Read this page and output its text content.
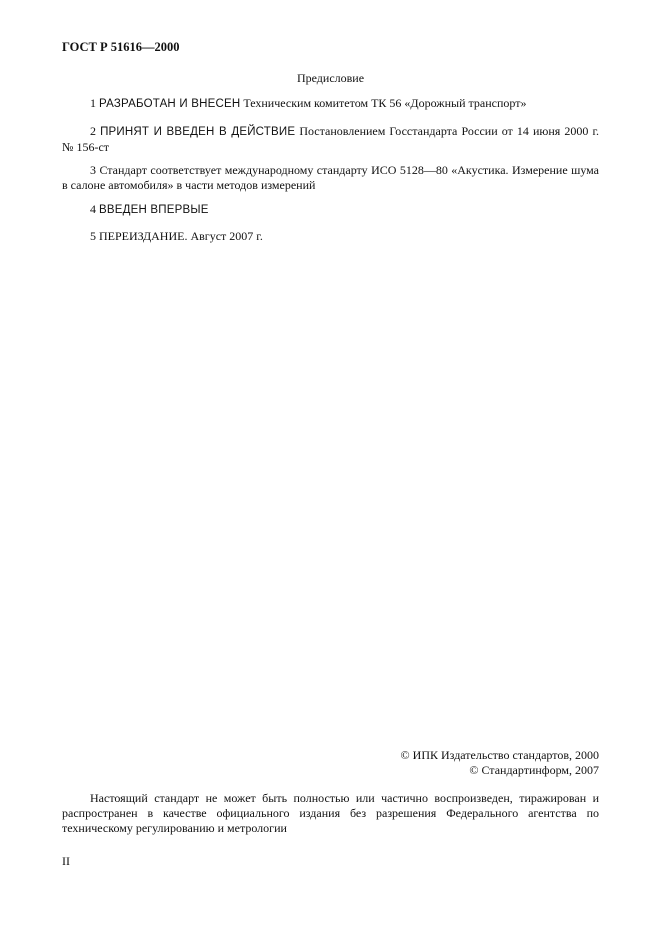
ГОСТ Р 51616—2000
Предисловие

1 РАЗРАБОТАН И ВНЕСЕН Техническим комитетом ТК 56 «Дорожный транспорт»

2 ПРИНЯТ И ВВЕДЕН В ДЕЙСТВИЕ Постановлением Госстандарта России от 14 июня 2000 г. № 156-ст

3 Стандарт соответствует международному стандарту ИСО 5128—80 «Акустика. Измерение шума в салоне автомобиля» в части методов измерений

4 ВВЕДЕН ВПЕРВЫЕ

5 ПЕРЕИЗДАНИЕ. Август 2007 г.

© ИПК Издательство стандартов, 2000
© Стандартинформ, 2007

Настоящий стандарт не может быть полностью или частично воспроизведен, тиражирован и распространен в качестве официального издания без разрешения Федерального агентства по техническому регулированию и метрологии

II
